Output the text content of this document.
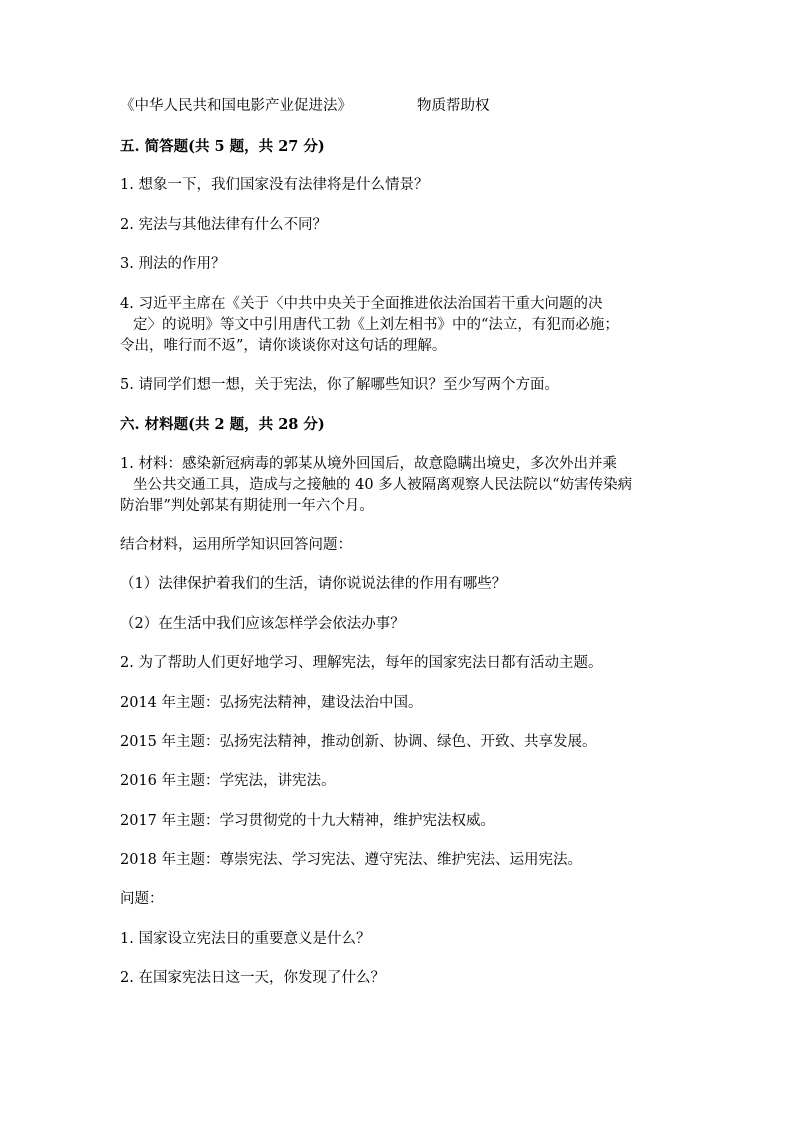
《中华人民共和国电影产业促进法》	物质帮助权
五. 简答题(共 5 题，共 27 分)
1. 想象一下，我们国家没有法律将是什么情景？
2. 宪法与其他法律有什么不同？
3. 刑法的作用？
4. 习近平主席在《关于〈中共中央关于全面推进依法治国若干重大问题的决
定〉的说明》等文中引用唐代工勃《上刘左相书》中的“法立，有犯而必施；
令出，唯行而不返”，请你谈谈你对这句话的理解。
5. 请同学们想一想，关于宪法，你了解哪些知识？至少写两个方面。
六. 材料题(共 2 题，共 28 分)
1. 材料：感染新冠病毒的郭某从境外回国后，故意隐瞒出境史，多次外出并乘
坐公共交通工具，造成与之接触的 40 多人被隔离观察人民法院以“妨害传染病
防治罪”判处郭某有期徒刑一年六个月。
结合材料，运用所学知识回答问题：
（1）法律保护着我们的生活，请你说说法律的作用有哪些？
（2）在生活中我们应该怎样学会依法办事？
2. 为了帮助人们更好地学习、理解宪法，每年的国家宪法日都有活动主题。
2014 年主题：弘扬宪法精神，建设法治中国。
2015 年主题：弘扬宪法精神，推动创新、协调、绿色、开致、共享发展。
2016 年主题：学宪法，讲宪法。
2017 年主题：学习贯彻党的十九大精神，维护宪法权威。
2018 年主题：尊崇宪法、学习宪法、遵守宪法、维护宪法、运用宪法。
问题：
1. 国家设立宪法日的重要意义是什么？
2. 在国家宪法日这一天，你发现了什么？
